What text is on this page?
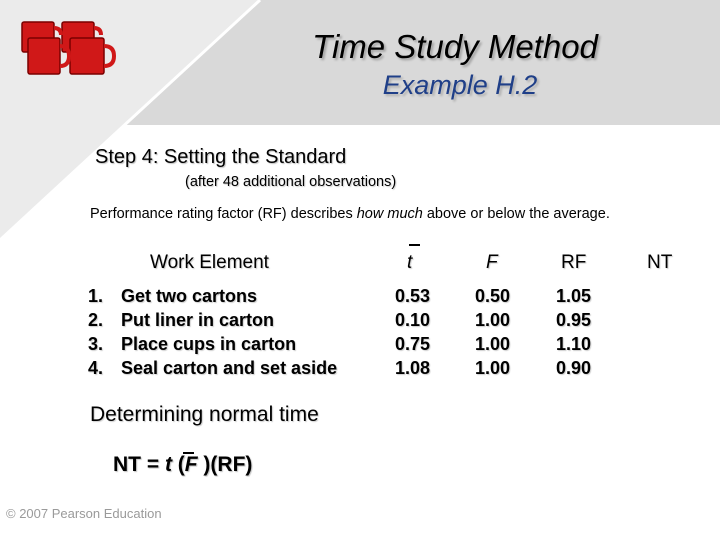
Time Study Method
Example H.2
Step 4: Setting the Standard
(after 48 additional observations)
Performance rating factor (RF) describes how much above or below the average.
Work Element	t	F	RF	NT
1. Get two cartons	0.53 0.50	1.05
2. Put liner in carton	0.10 1.00	0.95
3. Place cups in carton	0.75 1.00	1.10
4. Seal carton and set aside	1.08 1.00	0.90
Determining normal time
NT = t (F )(RF)
© 2007 Pearson Education
